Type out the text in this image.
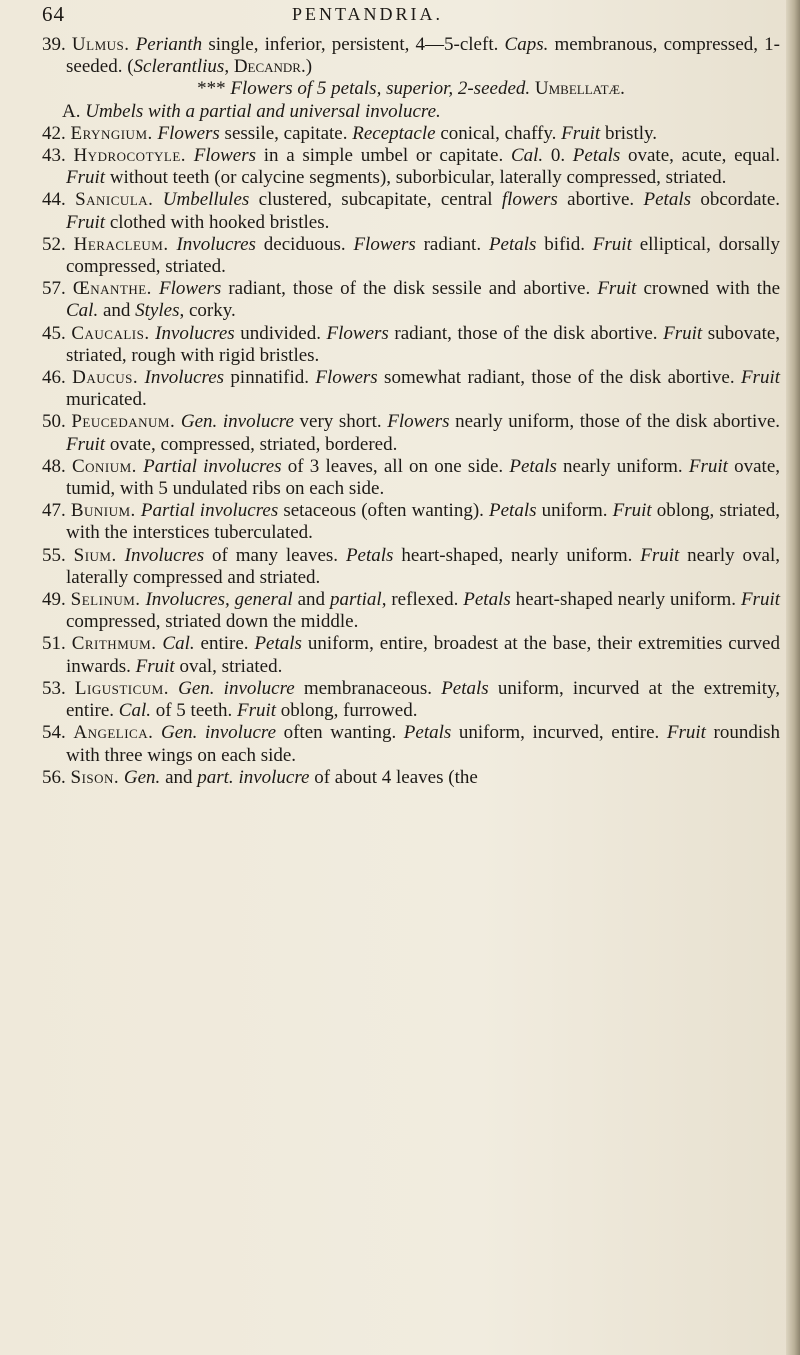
64	PENTANDRIA.

39. Ulmus. Perianth single, inferior, persistent, 4—5-cleft. Caps. membranous, compressed, 1-seeded. (Sclerantlius, Decandr.)

*** Flowers of 5 petals, superior, 2-seeded. Umbellatæ.

A. Umbels with a partial and universal involucre.

42. Eryngium. Flowers sessile, capitate. Receptacle conical, chaffy. Fruit bristly.

43. Hydrocotyle. Flowers in a simple umbel or capitate. Cal. 0. Petals ovate, acute, equal. Fruit without teeth (or calycine segments), suborbicular, laterally compressed, striated.

44. Sanicula. Umbellules clustered, subcapitate, central flowers abortive. Petals obcordate. Fruit clothed with hooked bristles.

52. Heracleum. Involucres deciduous. Flowers radiant. Petals bifid. Fruit elliptical, dorsally compressed, striated.

57. Œnanthe. Flowers radiant, those of the disk sessile and abortive. Fruit crowned with the Cal. and Styles, corky.

45. Caucalis. Involucres undivided. Flowers radiant, those of the disk abortive. Fruit subovate, striated, rough with rigid bristles.

46. Daucus. Involucres pinnatifid. Flowers somewhat radiant, those of the disk abortive. Fruit muricated.

50. Peucedanum. Gen. involucre very short. Flowers nearly uniform, those of the disk abortive. Fruit ovate, compressed, striated, bordered.

48. Conium. Partial involucres of 3 leaves, all on one side. Petals nearly uniform. Fruit ovate, tumid, with 5 undulated ribs on each side.

47. Bunium. Partial involucres setaceous (often wanting). Petals uniform. Fruit oblong, striated, with the interstices tuberculated.

55. Sium. Involucres of many leaves. Petals heart-shaped, nearly uniform. Fruit nearly oval, laterally compressed and striated.

49. Selinum. Involucres, general and partial, reflexed. Petals heart-shaped nearly uniform. Fruit compressed, striated down the middle.

51. Crithmum. Cal. entire. Petals uniform, entire, broadest at the base, their extremities curved inwards. Fruit oval, striated.

53. Ligusticum. Gen. involucre membranaceous. Petals uniform, incurved at the extremity, entire. Cal. of 5 teeth. Fruit oblong, furrowed.

54. Angelica. Gen. involucre often wanting. Petals uniform, incurved, entire. Fruit roundish with three wings on each side.

56. Sison. Gen. and part. involucre of about 4 leaves (the
